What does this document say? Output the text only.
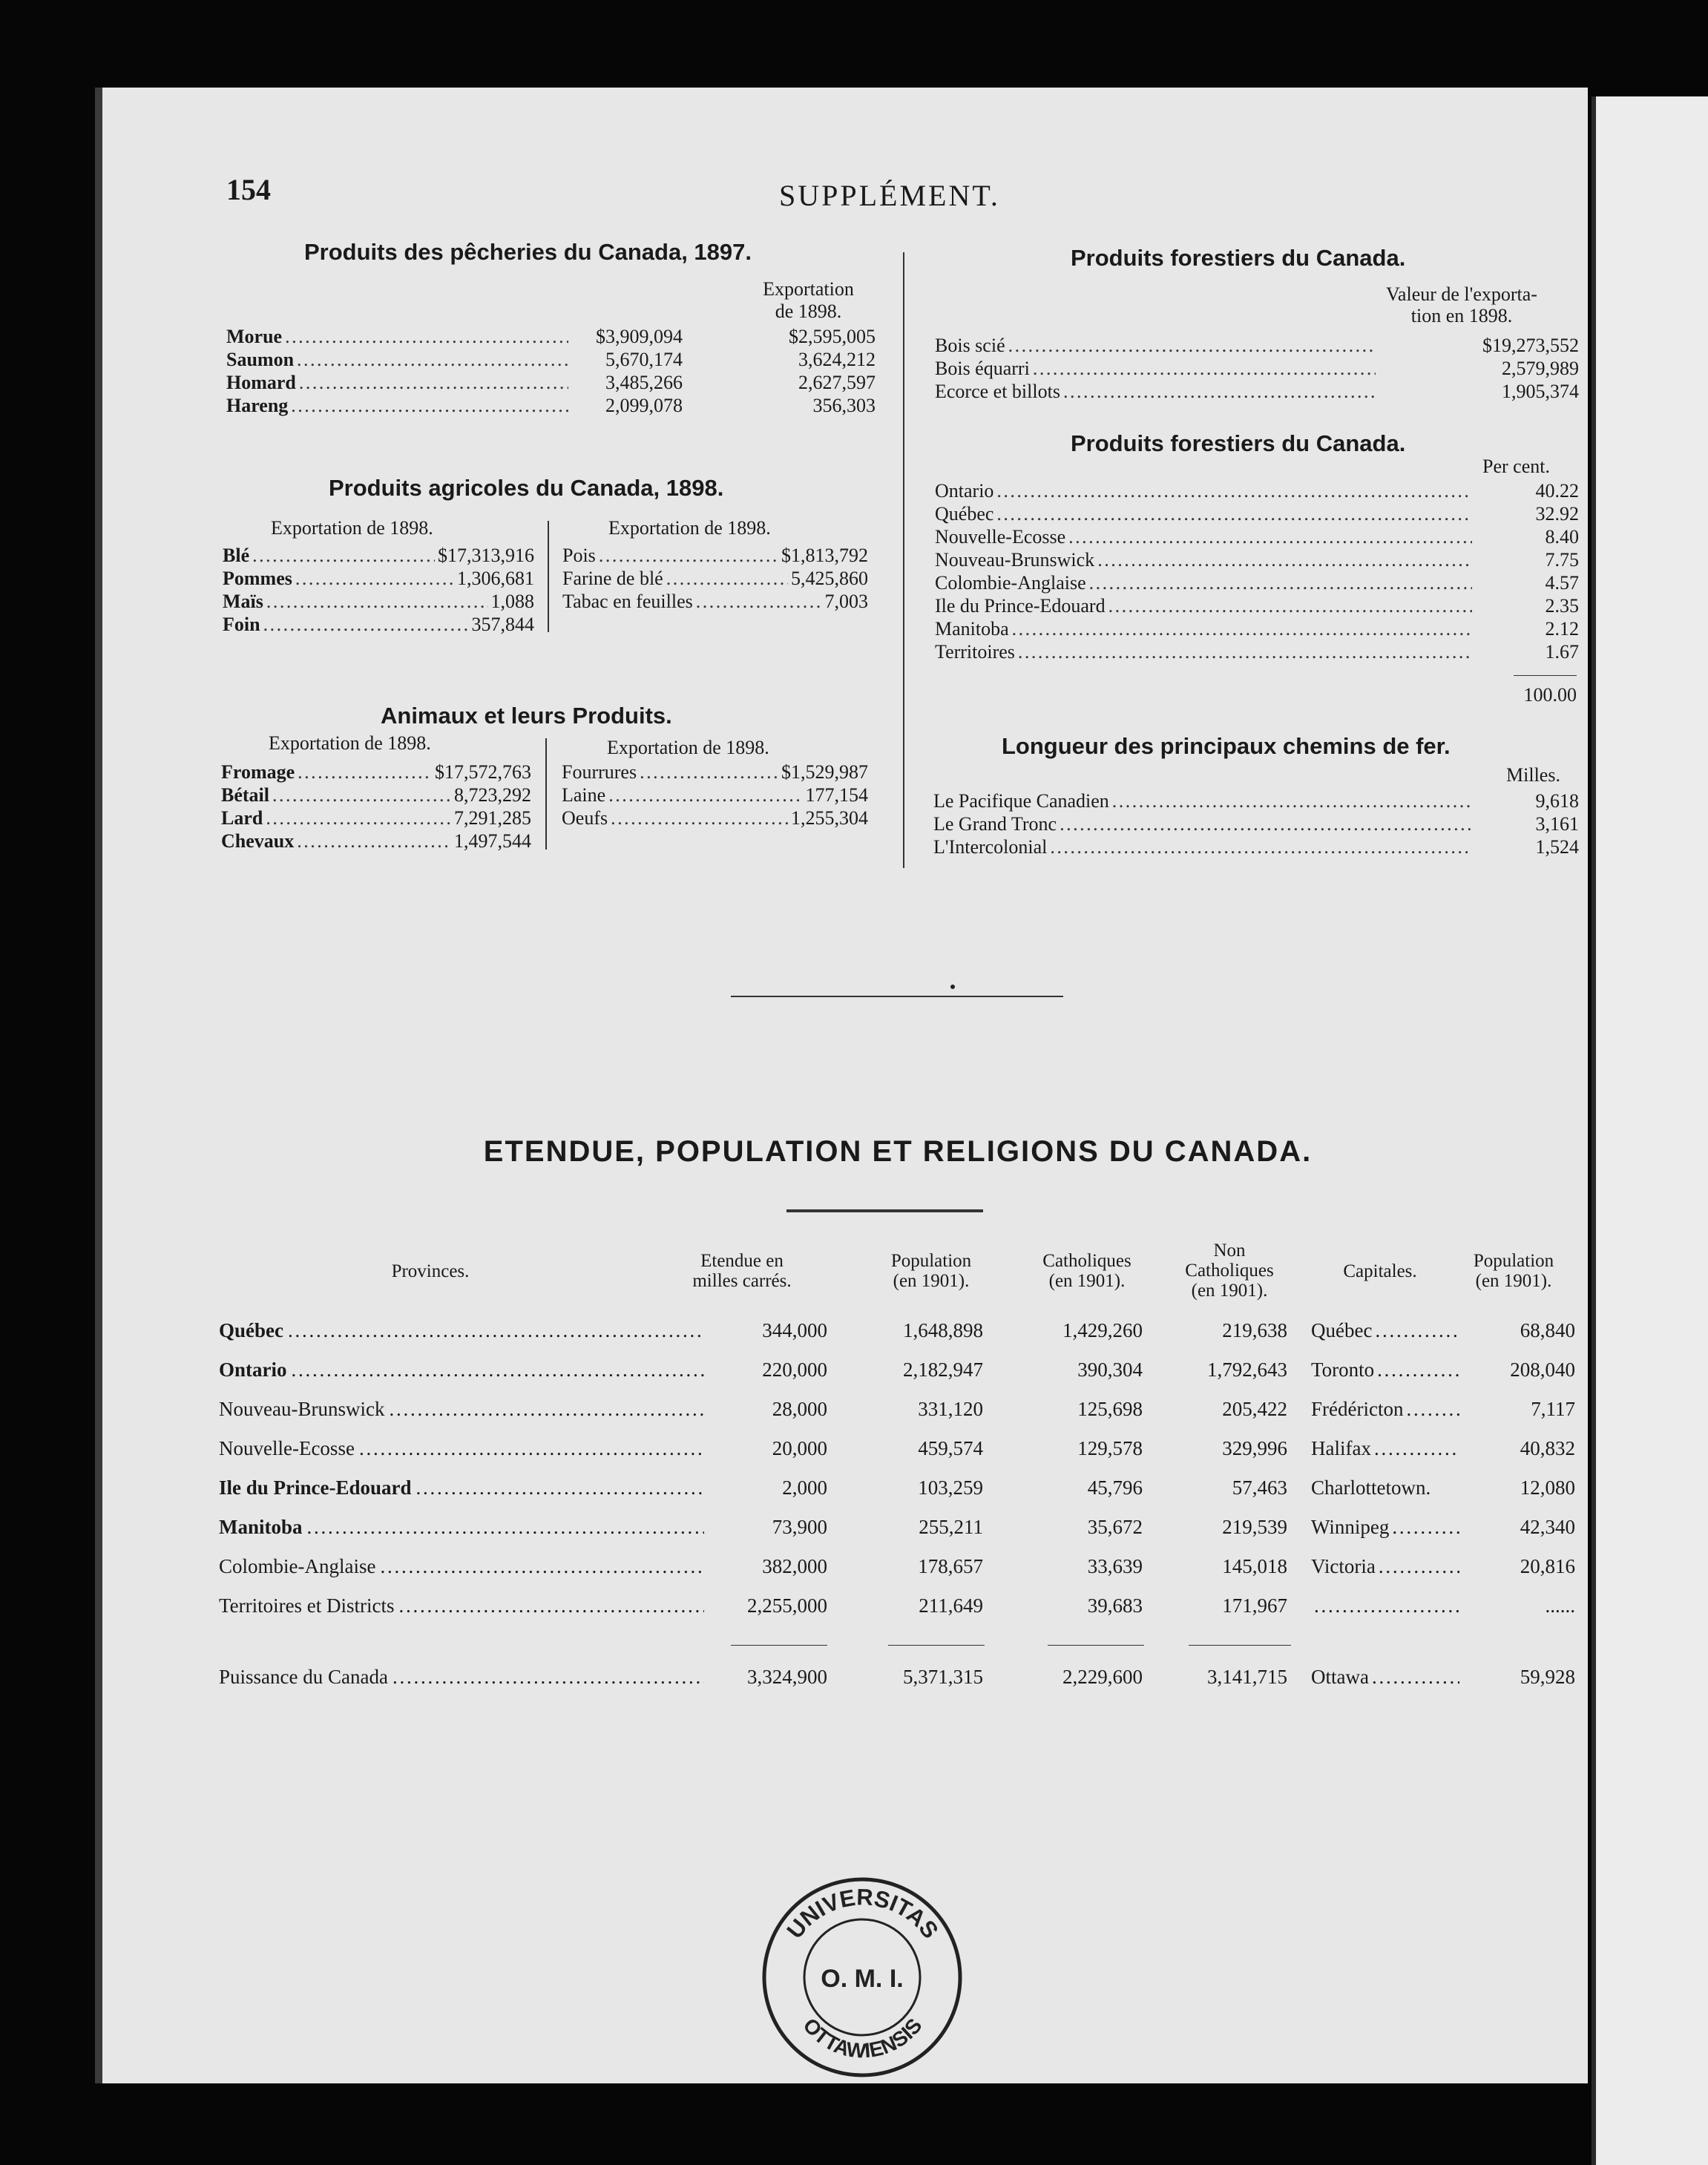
154	SUPPLÉMENT.
Produits des pêcheries du Canada, 1897.
Exportation
de 1898.
Morue . . .	$3,909,094	$2,595,005
Saumon . . .	5,670,174	3,624,212
Homard . . .	3,485,266	2,627,597
Hareng . . .	2,099,078	356,303
Produits agricoles du Canada, 1898.
Exportation de 1898.	Exportation de 1898.
Blé . . .	$17,313,916
Pommes . . .	1,306,681
Maïs . . .	1,088
Foin . . .	357,844
Pois . . .	$1,813,792
Farine de blé . . .	5,425,860
Tabac en feuilles . . .	7,003
Animaux et leurs Produits.
Exportation de 1898.	Exportation de 1898.
Fromage . . .	$17,572,763
Bétail . . .	8,723,292
Lard . . .	7,291,285
Chevaux . . .	1,497,544
Fourrures . . .	$1,529,987
Laine . . .	177,154
Oeufs . . .	1,255,304
Produits forestiers du Canada.
Valeur de l'exporta-
tion en 1898.
Bois scié . . .	$19,273,552
Bois équarri . . .	2,579,989
Ecorce et billots . . .	1,905,374
Produits forestiers du Canada.
Per cent.
Ontario . . .	40.22
Québec . . .	32.92
Nouvelle-Ecosse . . .	8.40
Nouveau-Brunswick . . .	7.75
Colombie-Anglaise . . .	4.57
Ile du Prince-Edouard . . .	2.35
Manitoba . . .	2.12
Territoires . . .	1.67
100.00
Longueur des principaux chemins de fer.
Milles.
Le Pacifique Canadien . . .	9,618
Le Grand Tronc . . .	3,161
L'Intercolonial . . .	1,524
ETENDUE, POPULATION ET RELIGIONS DU CANADA.
Provinces.
Etendue en
milles carrés.
Population
(en 1901).
Catholiques
(en 1901).
Non
Catholiques
(en 1901).
Capitales.
Population
(en 1901).
Québec . . .	344,000	1,648,898	1,429,260	219,638 Québec . . .	68,840
Ontario . . .	220,000	2,182,947	390,304	1,792,643 Toronto . . .	208,040
Nouveau-Brunswick . . .	28,000	331,120	125,698	205,422 Frédéricton . . .	7,117
Nouvelle-Ecosse . . .	20,000	459,574	129,578	329,996 Halifax . . .	40,832
Ile du Prince-Edouard . . .	2,000	103,259	45,796	57,463 Charlottetown.	12,080
Manitoba . . .	73,900	255,211	35,672	219,539 Winnipeg . . .	42,340
Colombie-Anglaise . . .	382,000	178,657	33,639	145,018 Victoria . . .	20,816
Territoires et Districts . . .	2,255,000	211,649	39,683	171,967 . . .	......
Puissance du Canada . . .	3,324,900	5,371,315	2,229,600	3,141,715 Ottawa . . .	59,928
UNIVERSITAS
O. M. I.
OTTAWIENSIS
